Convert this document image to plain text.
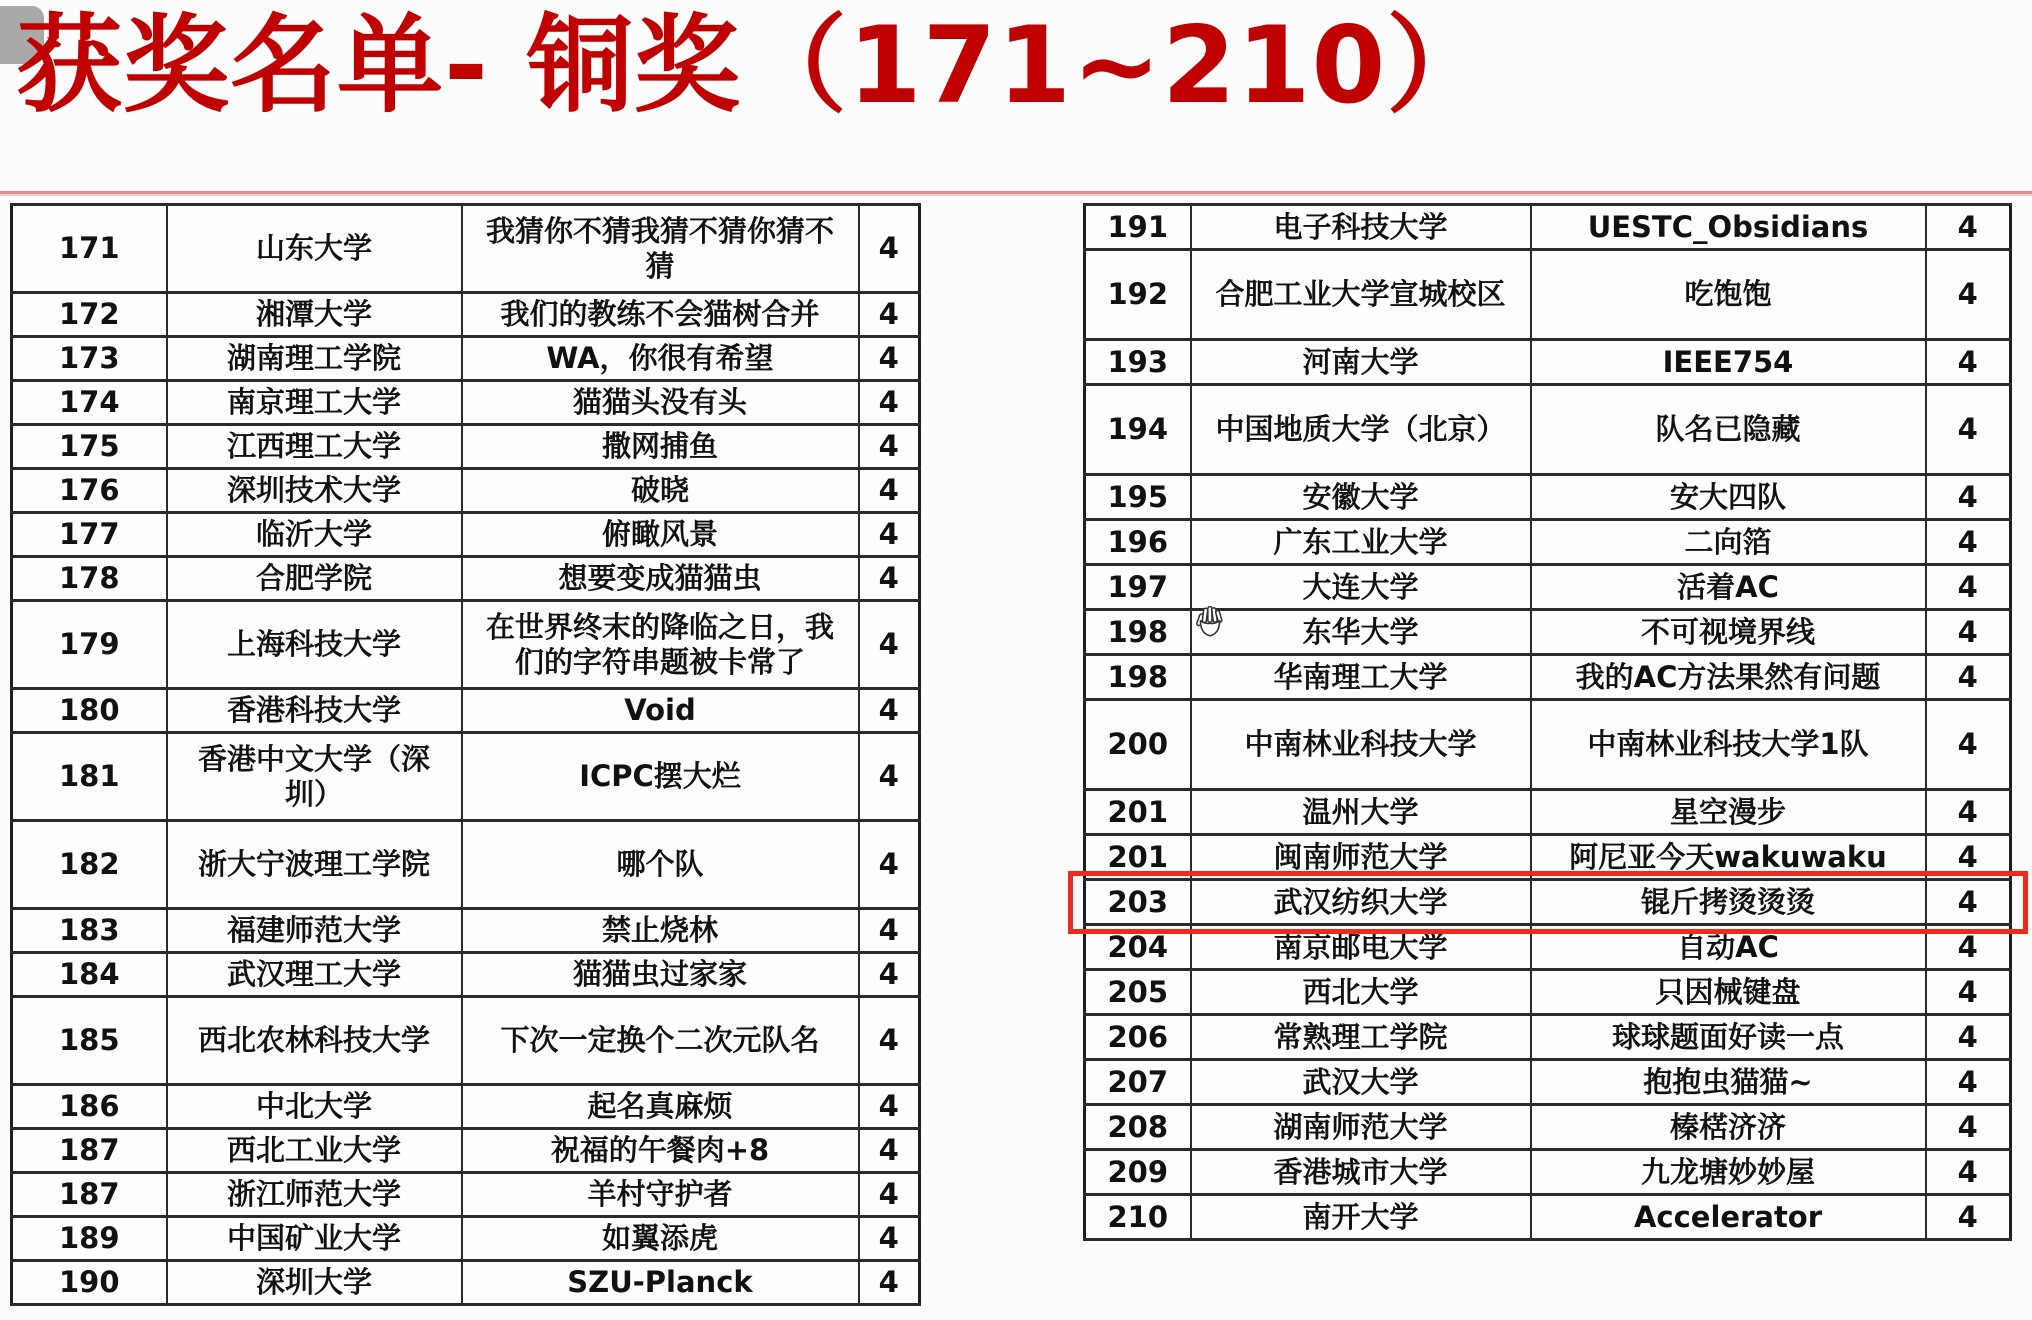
获奖名单- 铜奖（171~210）
171	山东大学	我猜你不猜我猜不猜你猜不猜	4
172	湘潭大学	我们的教练不会猫树合并	4
173	湖南理工学院	WA，你很有希望	4
174	南京理工大学	猫猫头没有头	4
175	江西理工大学	撒网捕鱼	4
176	深圳技术大学	破晓	4
177	临沂大学	俯瞰风景	4
178	合肥学院	想要变成猫猫虫	4
179	上海科技大学	在世界终末的降临之日，我们的字符串题被卡常了	4
180	香港科技大学	Void	4
181	香港中文大学（深圳）	ICPC摆大烂	4
182	浙大宁波理工学院	哪个队	4
183	福建师范大学	禁止烧林	4
184	武汉理工大学	猫猫虫过家家	4
185	西北农林科技大学	下次一定换个二次元队名	4
186	中北大学	起名真麻烦	4
187	西北工业大学	祝福的午餐肉+8	4
187	浙江师范大学	羊村守护者	4
189	中国矿业大学	如翼添虎	4
190	深圳大学	SZU-Planck	4
191	电子科技大学	UESTC_Obsidians	4
192	合肥工业大学宣城校区	吃饱饱	4
193	河南大学	IEEE754	4
194	中国地质大学（北京）	队名已隐藏	4
195	安徽大学	安大四队	4
196	广东工业大学	二向箔	4
197	大连大学	活着AC	4
198	东华大学	不可视境界线	4
198	华南理工大学	我的AC方法果然有问题	4
200	中南林业科技大学	中南林业科技大学1队	4
201	温州大学	星空漫步	4
201	闽南师范大学	阿尼亚今天wakuwaku	4
203	武汉纺织大学	锟斤拷烫烫烫	4
204	南京邮电大学	自动AC	4
205	西北大学	只因械键盘	4
206	常熟理工学院	球球题面好读一点	4
207	武汉大学	抱抱虫猫猫~	4
208	湖南师范大学	榛楛济济	4
209	香港城市大学	九龙塘妙妙屋	4
210	南开大学	Accelerator	4
